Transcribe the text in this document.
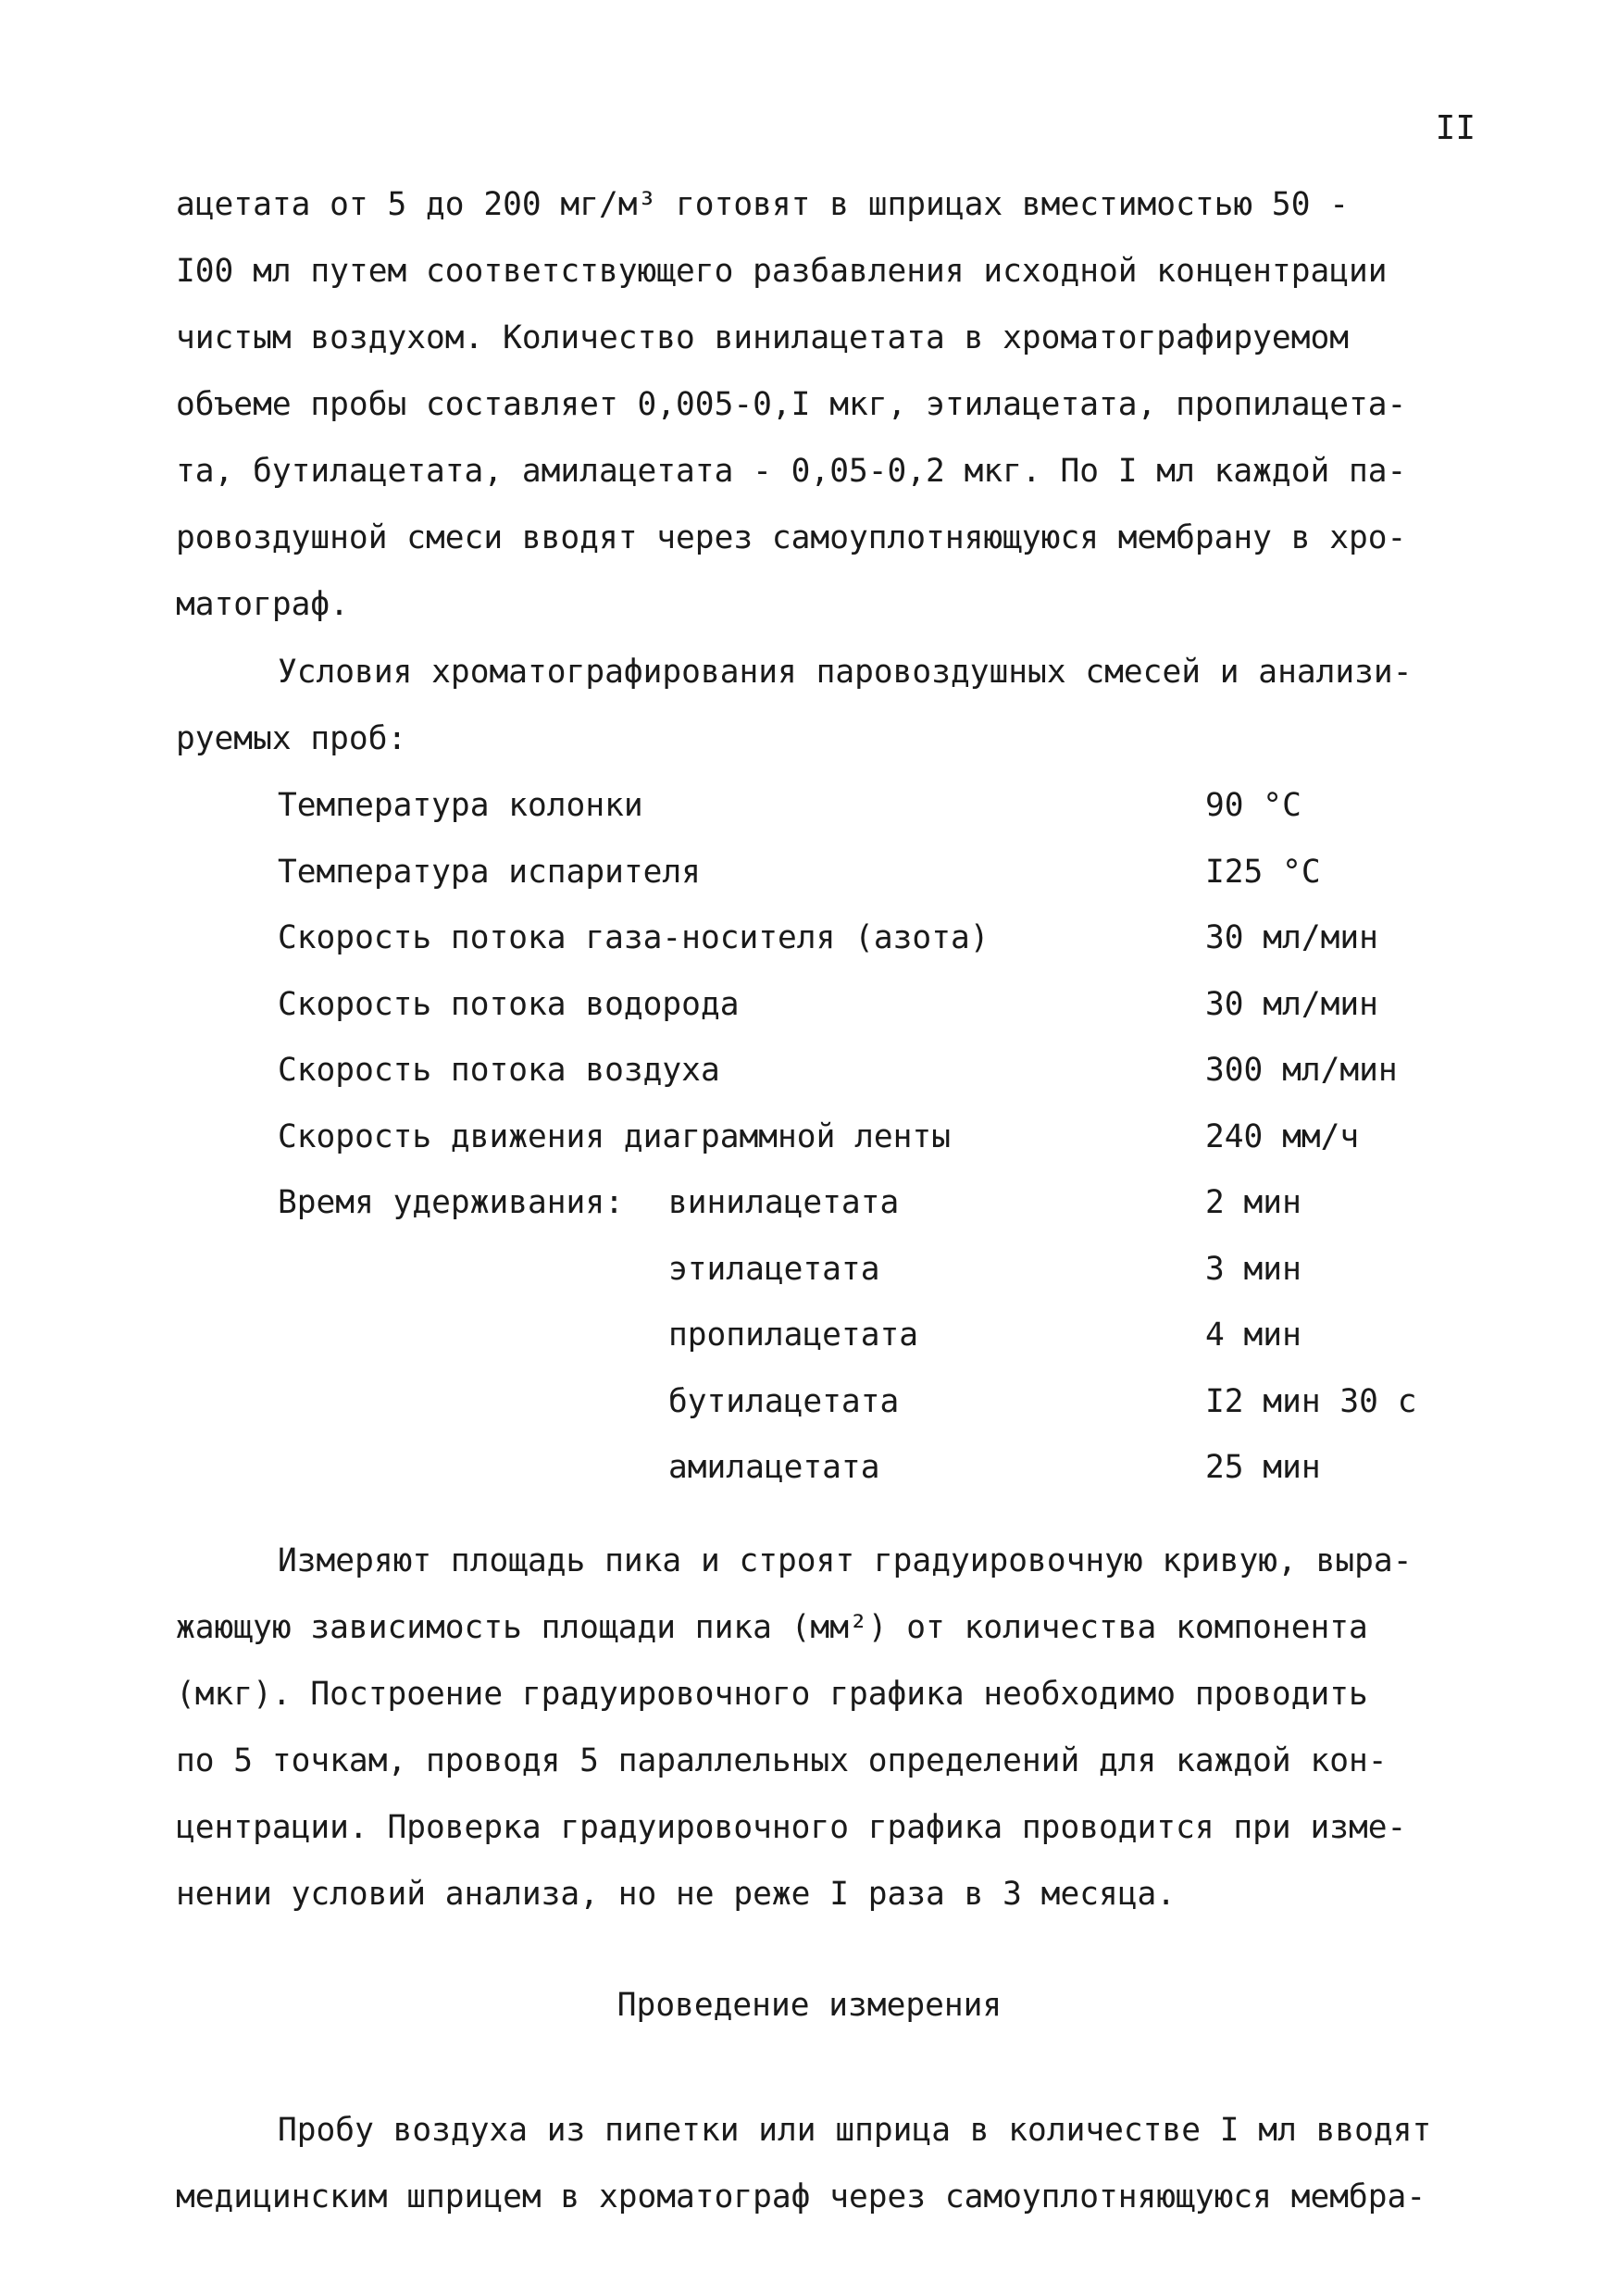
II
ацетата от 5 до 200 мг/м³ готовят в шприцах вместимостью 50 -
I00 мл путем соответствующего разбавления исходной концентрации
чистым воздухом. Количество винилацетата в хроматографируемом
объеме пробы составляет 0,005-0,I мкг, этилацетата, пропилацета-
та, бутилацетата, амилацетата - 0,05-0,2 мкг. По I мл каждой па-
ровоздушной смеси вводят через самоуплотняющуюся мембрану в хро-
матограф.
Условия хроматографирования паровоздушных смесей и анализи-
руемых проб:
Температура колонки	90 °С
Температура испарителя	I25 °С
Скорость потока газа-носителя (азота)	30 мл/мин
Скорость потока водорода	30 мл/мин
Скорость потока воздуха	300 мл/мин
Скорость движения диаграммной ленты	240 мм/ч
Время удерживания: винилацетата	2 мин
этилацетата	3 мин
пропилацетата	4 мин
бутилацетата	I2 мин 30 с
амилацетата	25 мин
Измеряют площадь пика и строят градуировочную кривую, выра-
жающую зависимость площади пика (мм²) от количества компонента
(мкг). Построение градуировочного графика необходимо проводить
по 5 точкам, проводя 5 параллельных определений для каждой кон-
центрации. Проверка градуировочного графика проводится при изме-
нении условий анализа, но не реже I раза в 3 месяца.
Проведение измерения
Пробу воздуха из пипетки или шприца в количестве I мл вводят
медицинским шприцем в хроматограф через самоуплотняющуюся мембра-
